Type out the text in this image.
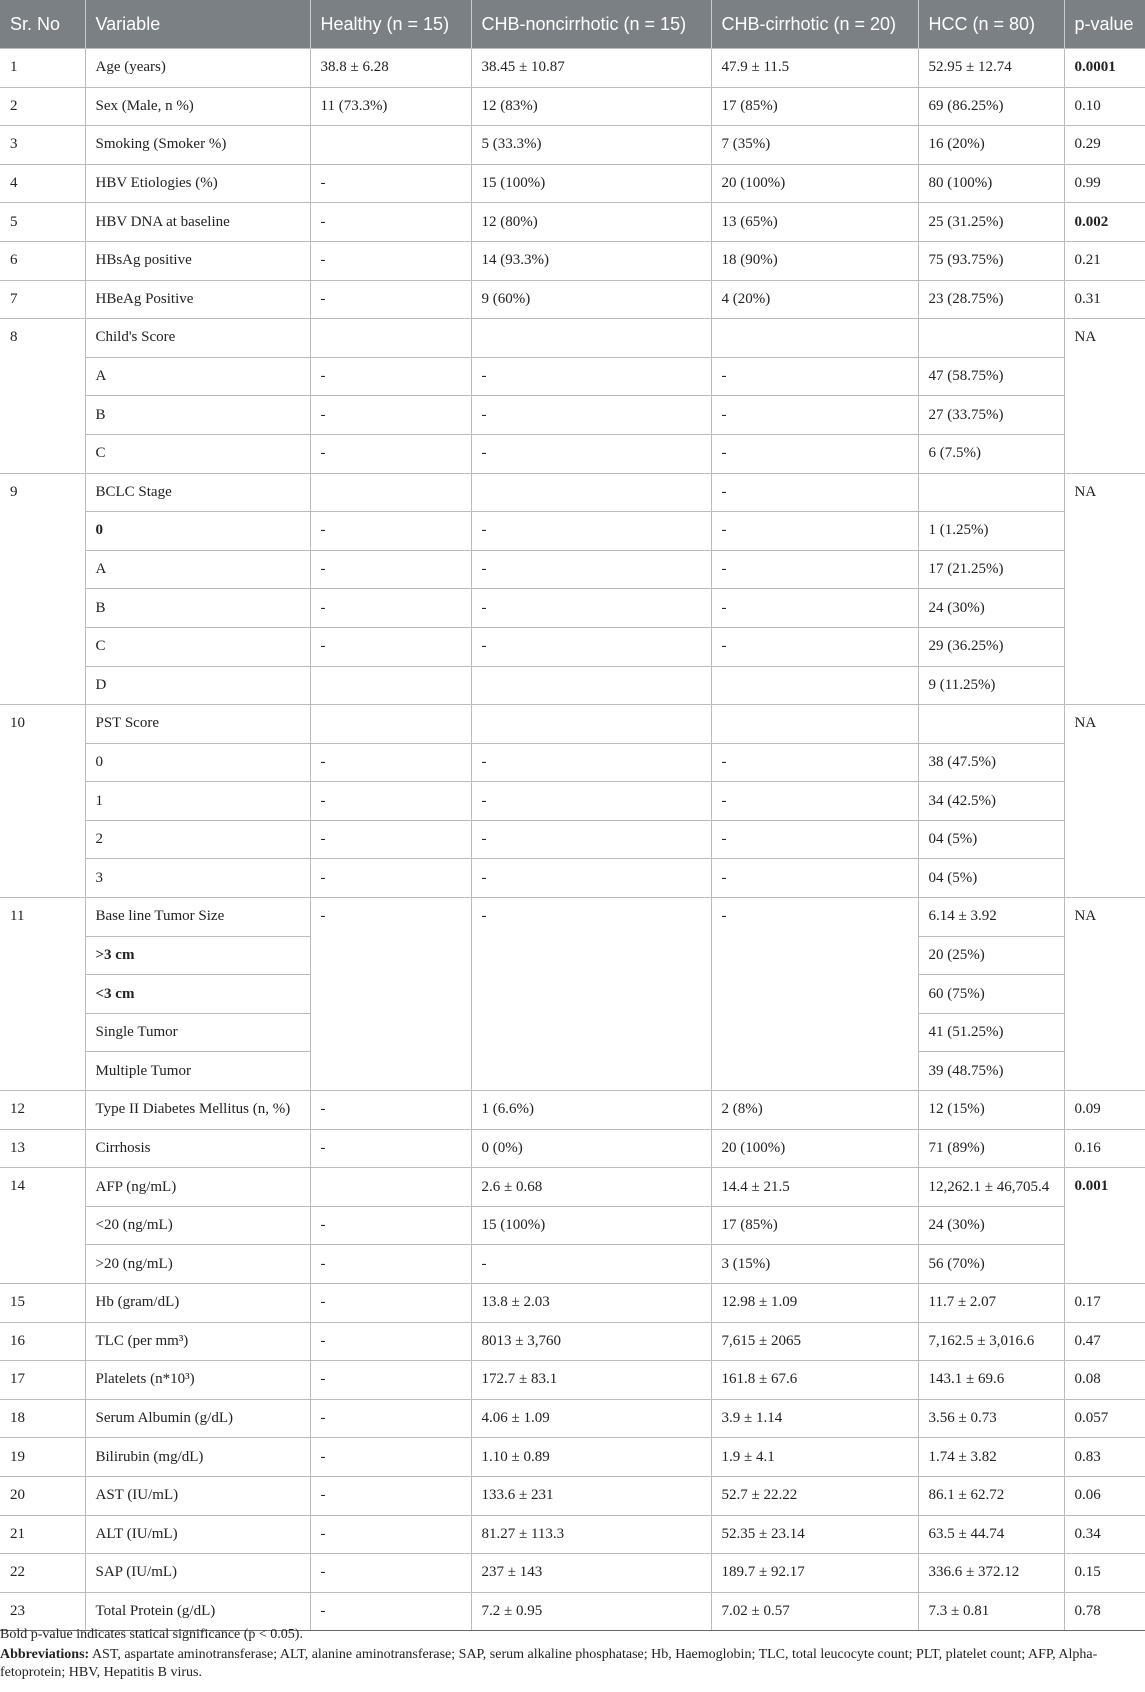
Sr. No	Variable	Healthy (n = 15)	CHB-noncirrhotic (n = 15)	CHB-cirrhotic (n = 20)	HCC (n = 80)	p-value
1	Age (years)	38.8 ± 6.28	38.45 ± 10.87	47.9 ± 11.5	52.95 ± 12.74	0.0001
2	Sex (Male, n %)	11 (73.3%)	12 (83%)	17 (85%)	69 (86.25%)	0.10
3	Smoking (Smoker %)		5 (33.3%)	7 (35%)	16 (20%)	0.29
4	HBV Etiologies (%)	-	15 (100%)	20 (100%)	80 (100%)	0.99
5	HBV DNA at baseline	-	12 (80%)	13 (65%)	25 (31.25%)	0.002
6	HBsAg positive	-	14 (93.3%)	18 (90%)	75 (93.75%)	0.21
7	HBeAg Positive	-	9 (60%)	4 (20%)	23 (28.75%)	0.31
8	Child's Score					NA
	A	-	-	-	47 (58.75%)	
	B	-	-	-	27 (33.75%)	
	C	-	-	-	6 (7.5%)	
9	BCLC Stage			-		NA
	0	-	-	-	1 (1.25%)	
	A	-	-	-	17 (21.25%)	
	B	-	-	-	24 (30%)	
	C	-	-	-	29 (36.25%)	
	D				9 (11.25%)	
10	PST Score					NA
	0	-	-	-	38 (47.5%)	
	1	-	-	-	34 (42.5%)	
	2	-	-	-	04 (5%)	
	3	-	-	-	04 (5%)	
11	Base line Tumor Size	-	-	-	6.14 ± 3.92	NA
	>3 cm				20 (25%)	
	<3 cm				60 (75%)	
	Single Tumor				41 (51.25%)	
	Multiple Tumor				39 (48.75%)	
12	Type II Diabetes Mellitus (n, %)	-	1 (6.6%)	2 (8%)	12 (15%)	0.09
13	Cirrhosis	-	0 (0%)	20 (100%)	71 (89%)	0.16
14	AFP (ng/mL)		2.6 ± 0.68	14.4 ± 21.5	12,262.1 ± 46,705.4	0.001
	<20 (ng/mL)	-	15 (100%)	17 (85%)	24 (30%)	
	>20 (ng/mL)	-	-	3 (15%)	56 (70%)	
15	Hb (gram/dL)	-	13.8 ± 2.03	12.98 ± 1.09	11.7 ± 2.07	0.17
16	TLC (per mm³)	-	8013 ± 3,760	7,615 ± 2065	7,162.5 ± 3,016.6	0.47
17	Platelets (n*10³)	-	172.7 ± 83.1	161.8 ± 67.6	143.1 ± 69.6	0.08
18	Serum Albumin (g/dL)	-	4.06 ± 1.09	3.9 ± 1.14	3.56 ± 0.73	0.057
19	Bilirubin (mg/dL)	-	1.10 ± 0.89	1.9 ± 4.1	1.74 ± 3.82	0.83
20	AST (IU/mL)	-	133.6 ± 231	52.7 ± 22.22	86.1 ± 62.72	0.06
21	ALT (IU/mL)	-	81.27 ± 113.3	52.35 ± 23.14	63.5 ± 44.74	0.34
22	SAP (IU/mL)	-	237 ± 143	189.7 ± 92.17	336.6 ± 372.12	0.15
23	Total Protein (g/dL)	-	7.2 ± 0.95	7.02 ± 0.57	7.3 ± 0.81	0.78

Bold p-value indicates statical significance (p < 0.05).

Abbreviations: AST, aspartate aminotransferase; ALT, alanine aminotransferase; SAP, serum alkaline phosphatase; Hb, Haemoglobin; TLC, total leucocyte count; PLT, platelet count; AFP, Alpha-fetoprotein; HBV, Hepatitis B virus.
